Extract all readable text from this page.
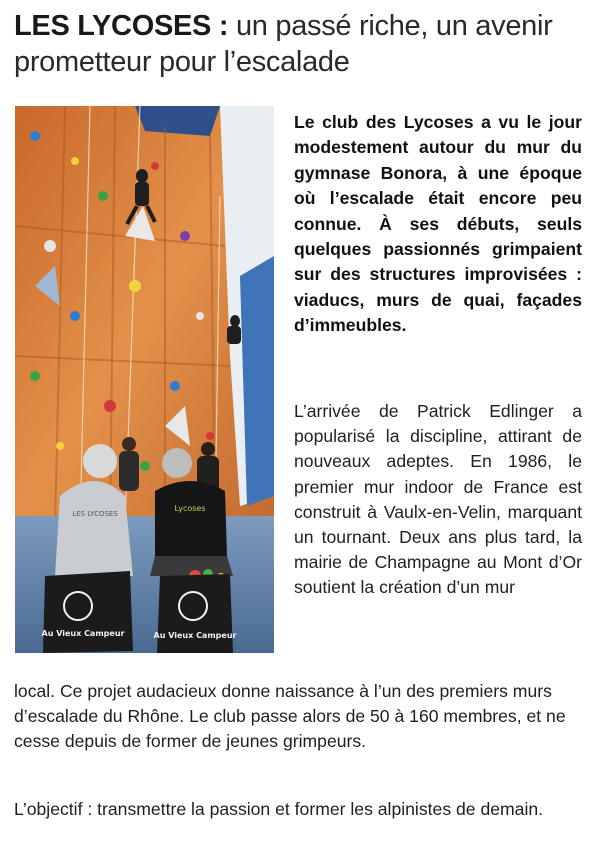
LES LYCOSES : un passé riche, un avenir prometteur pour l’escalade
LES LYCOSES
Lycoses
Au Vieux Campeur	Au Vieux Campeur

Le club des Lycoses a vu le jour modestement autour du mur du gymnase Bonora, à une époque où l’escalade était encore peu connue. À ses débuts, seuls quelques passionnés grimpaient sur des structures improvisées : viaducs, murs de quai, façades d’immeubles.

L’arrivée de Patrick Edlinger a popularisé la discipline, attirant de nouveaux adeptes. En 1986, le premier mur indoor de France est construit à Vaulx-en-Velin, marquant un tournant. Deux ans plus tard, la mairie de Champagne au Mont d’Or soutient la création d’un mur

local. Ce projet audacieux donne naissance à l’un des premiers murs d’escalade du Rhône. Le club passe alors de 50 à 160 membres, et ne cesse depuis de former de jeunes grimpeurs.

L’objectif : transmettre la passion et former les alpinistes de demain.
